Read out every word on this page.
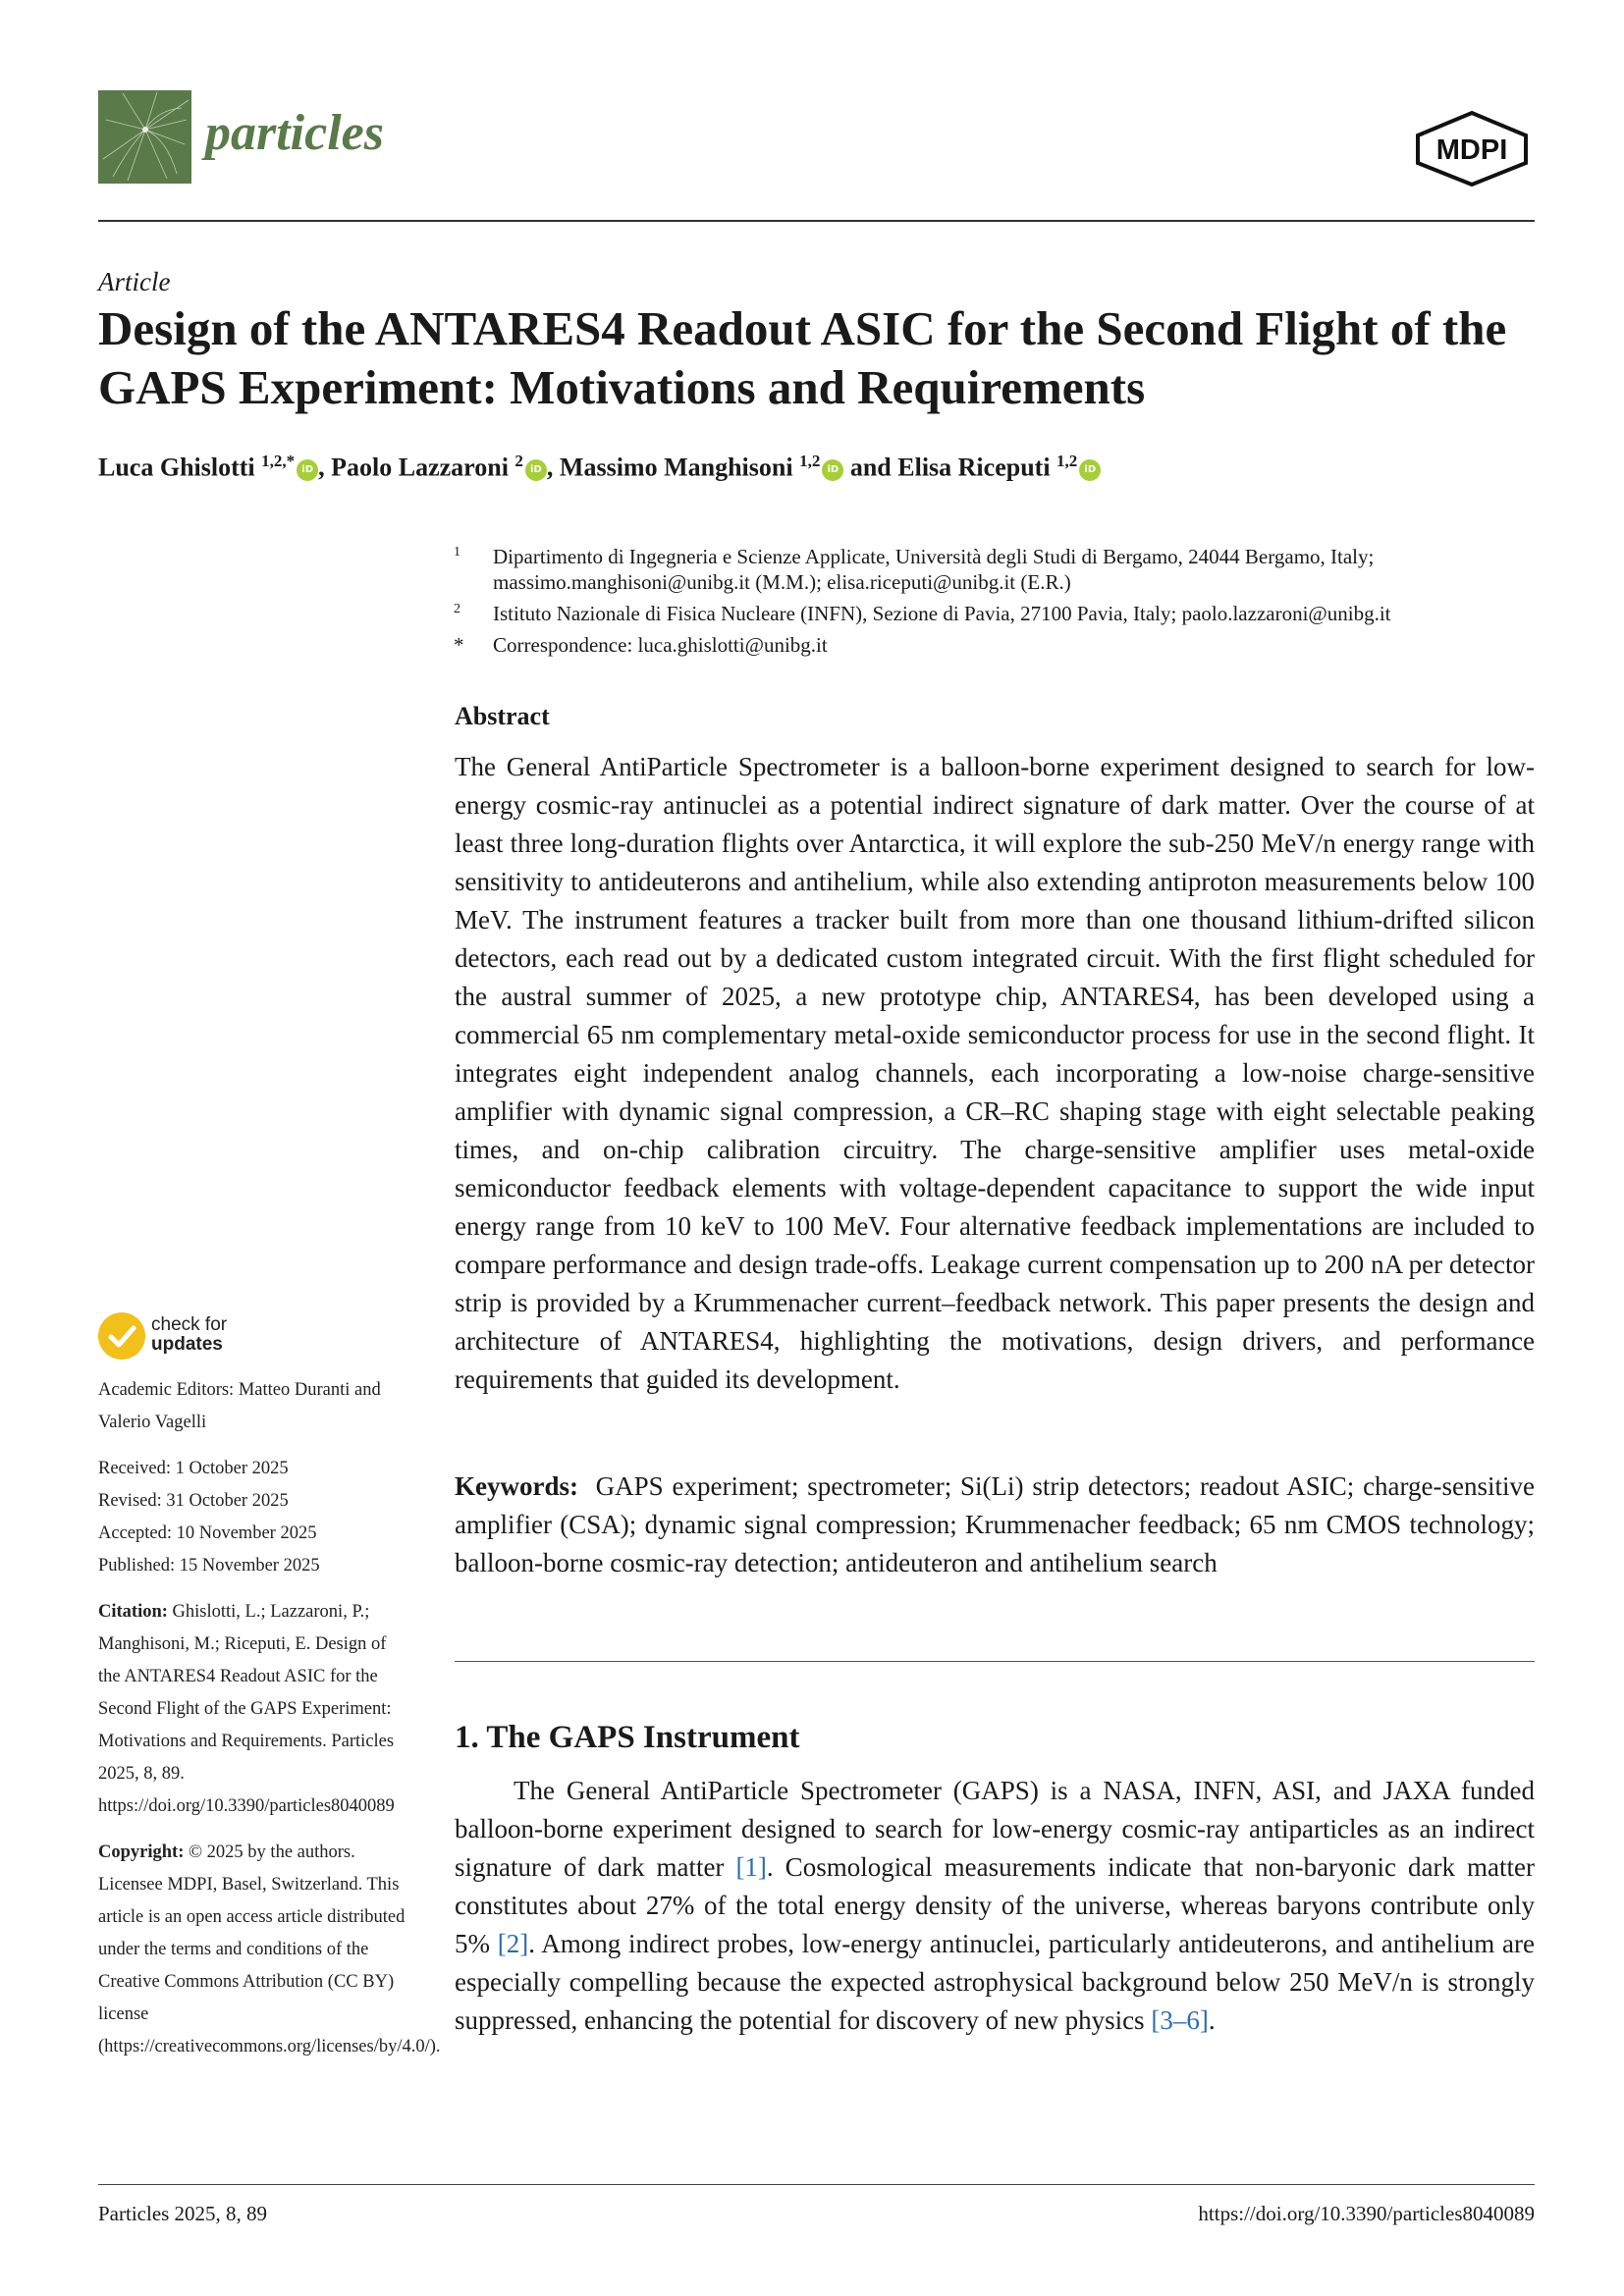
particles	MDPI
Article
Design of the ANTARES4 Readout ASIC for the Second Flight of the GAPS Experiment: Motivations and Requirements
Luca Ghislotti $^{1,2,*}$ iD , Paolo Lazzaroni $^2$ iD , Massimo Manghisoni $^{1,2}$ iD and Elisa Riceputi $^{1,2}$ iD
1 Dipartimento di Ingegneria e Scienze Applicate, Università degli Studi di Bergamo, 24044 Bergamo, Italy; massimo.manghisoni@unibg.it (M.M.); elisa.riceputi@unibg.it (E.R.)
2 Istituto Nazionale di Fisica Nucleare (INFN), Sezione di Pavia, 27100 Pavia, Italy; paolo.lazzaroni@unibg.it
* Correspondence: luca.ghislotti@unibg.it
Abstract
The General AntiParticle Spectrometer is a balloon-borne experiment designed to search for low-energy cosmic-ray antinuclei as a potential indirect signature of dark matter. Over the course of at least three long-duration flights over Antarctica, it will explore the sub-250 MeV/n energy range with sensitivity to antideuterons and antihelium, while also extending antiproton measurements below 100 MeV. The instrument features a tracker built from more than one thousand lithium-drifted silicon detectors, each read out by a dedicated custom integrated circuit. With the first flight scheduled for the austral summer of 2025, a new prototype chip, ANTARES4, has been developed using a commercial 65 nm complementary metal-oxide semiconductor process for use in the second flight. It integrates eight independent analog channels, each incorporating a low-noise charge-sensitive amplifier with dynamic signal compression, a CR–RC shaping stage with eight selectable peaking times, and on-chip calibration circuitry. The charge-sensitive amplifier uses metal-oxide semiconductor feedback elements with voltage-dependent capacitance to support the wide input energy range from 10 keV to 100 MeV. Four alternative feedback implementations are included to compare performance and design trade-offs. Leakage current compensation up to 200 nA per detector strip is provided by a Krummenacher current–feedback network. This paper presents the design and architecture of ANTARES4, highlighting the motivations, design drivers, and performance requirements that guided its development.
Keywords: GAPS experiment; spectrometer; Si(Li) strip detectors; readout ASIC; charge-sensitive amplifier (CSA); dynamic signal compression; Krummenacher feedback; 65 nm CMOS technology; balloon-borne cosmic-ray detection; antideuteron and antihelium search
1. The GAPS Instrument
The General AntiParticle Spectrometer (GAPS) is a NASA, INFN, ASI, and JAXA funded balloon-borne experiment designed to search for low-energy cosmic-ray antiparticles as an indirect signature of dark matter [1]. Cosmological measurements indicate that non-baryonic dark matter constitutes about 27% of the total energy density of the universe, whereas baryons contribute only 5% [2]. Among indirect probes, low-energy antinuclei, particularly antideuterons, and antihelium are especially compelling because the expected astrophysical background below 250 MeV/n is strongly suppressed, enhancing the potential for discovery of new physics [3–6].
check for
updates
Academic Editors: Matteo Duranti and Valerio Vagelli
Received: 1 October 2025
Revised: 31 October 2025
Accepted: 10 November 2025
Published: 15 November 2025
Citation: Ghislotti, L.; Lazzaroni, P.; Manghisoni, M.; Riceputi, E. Design of the ANTARES4 Readout ASIC for the Second Flight of the GAPS Experiment: Motivations and Requirements. Particles 2025, 8, 89. https://doi.org/10.3390/particles8040089
Copyright: © 2025 by the authors. Licensee MDPI, Basel, Switzerland. This article is an open access article distributed under the terms and conditions of the Creative Commons Attribution (CC BY) license (https://creativecommons.org/licenses/by/4.0/).
Particles 2025, 8, 89	https://doi.org/10.3390/particles8040089
